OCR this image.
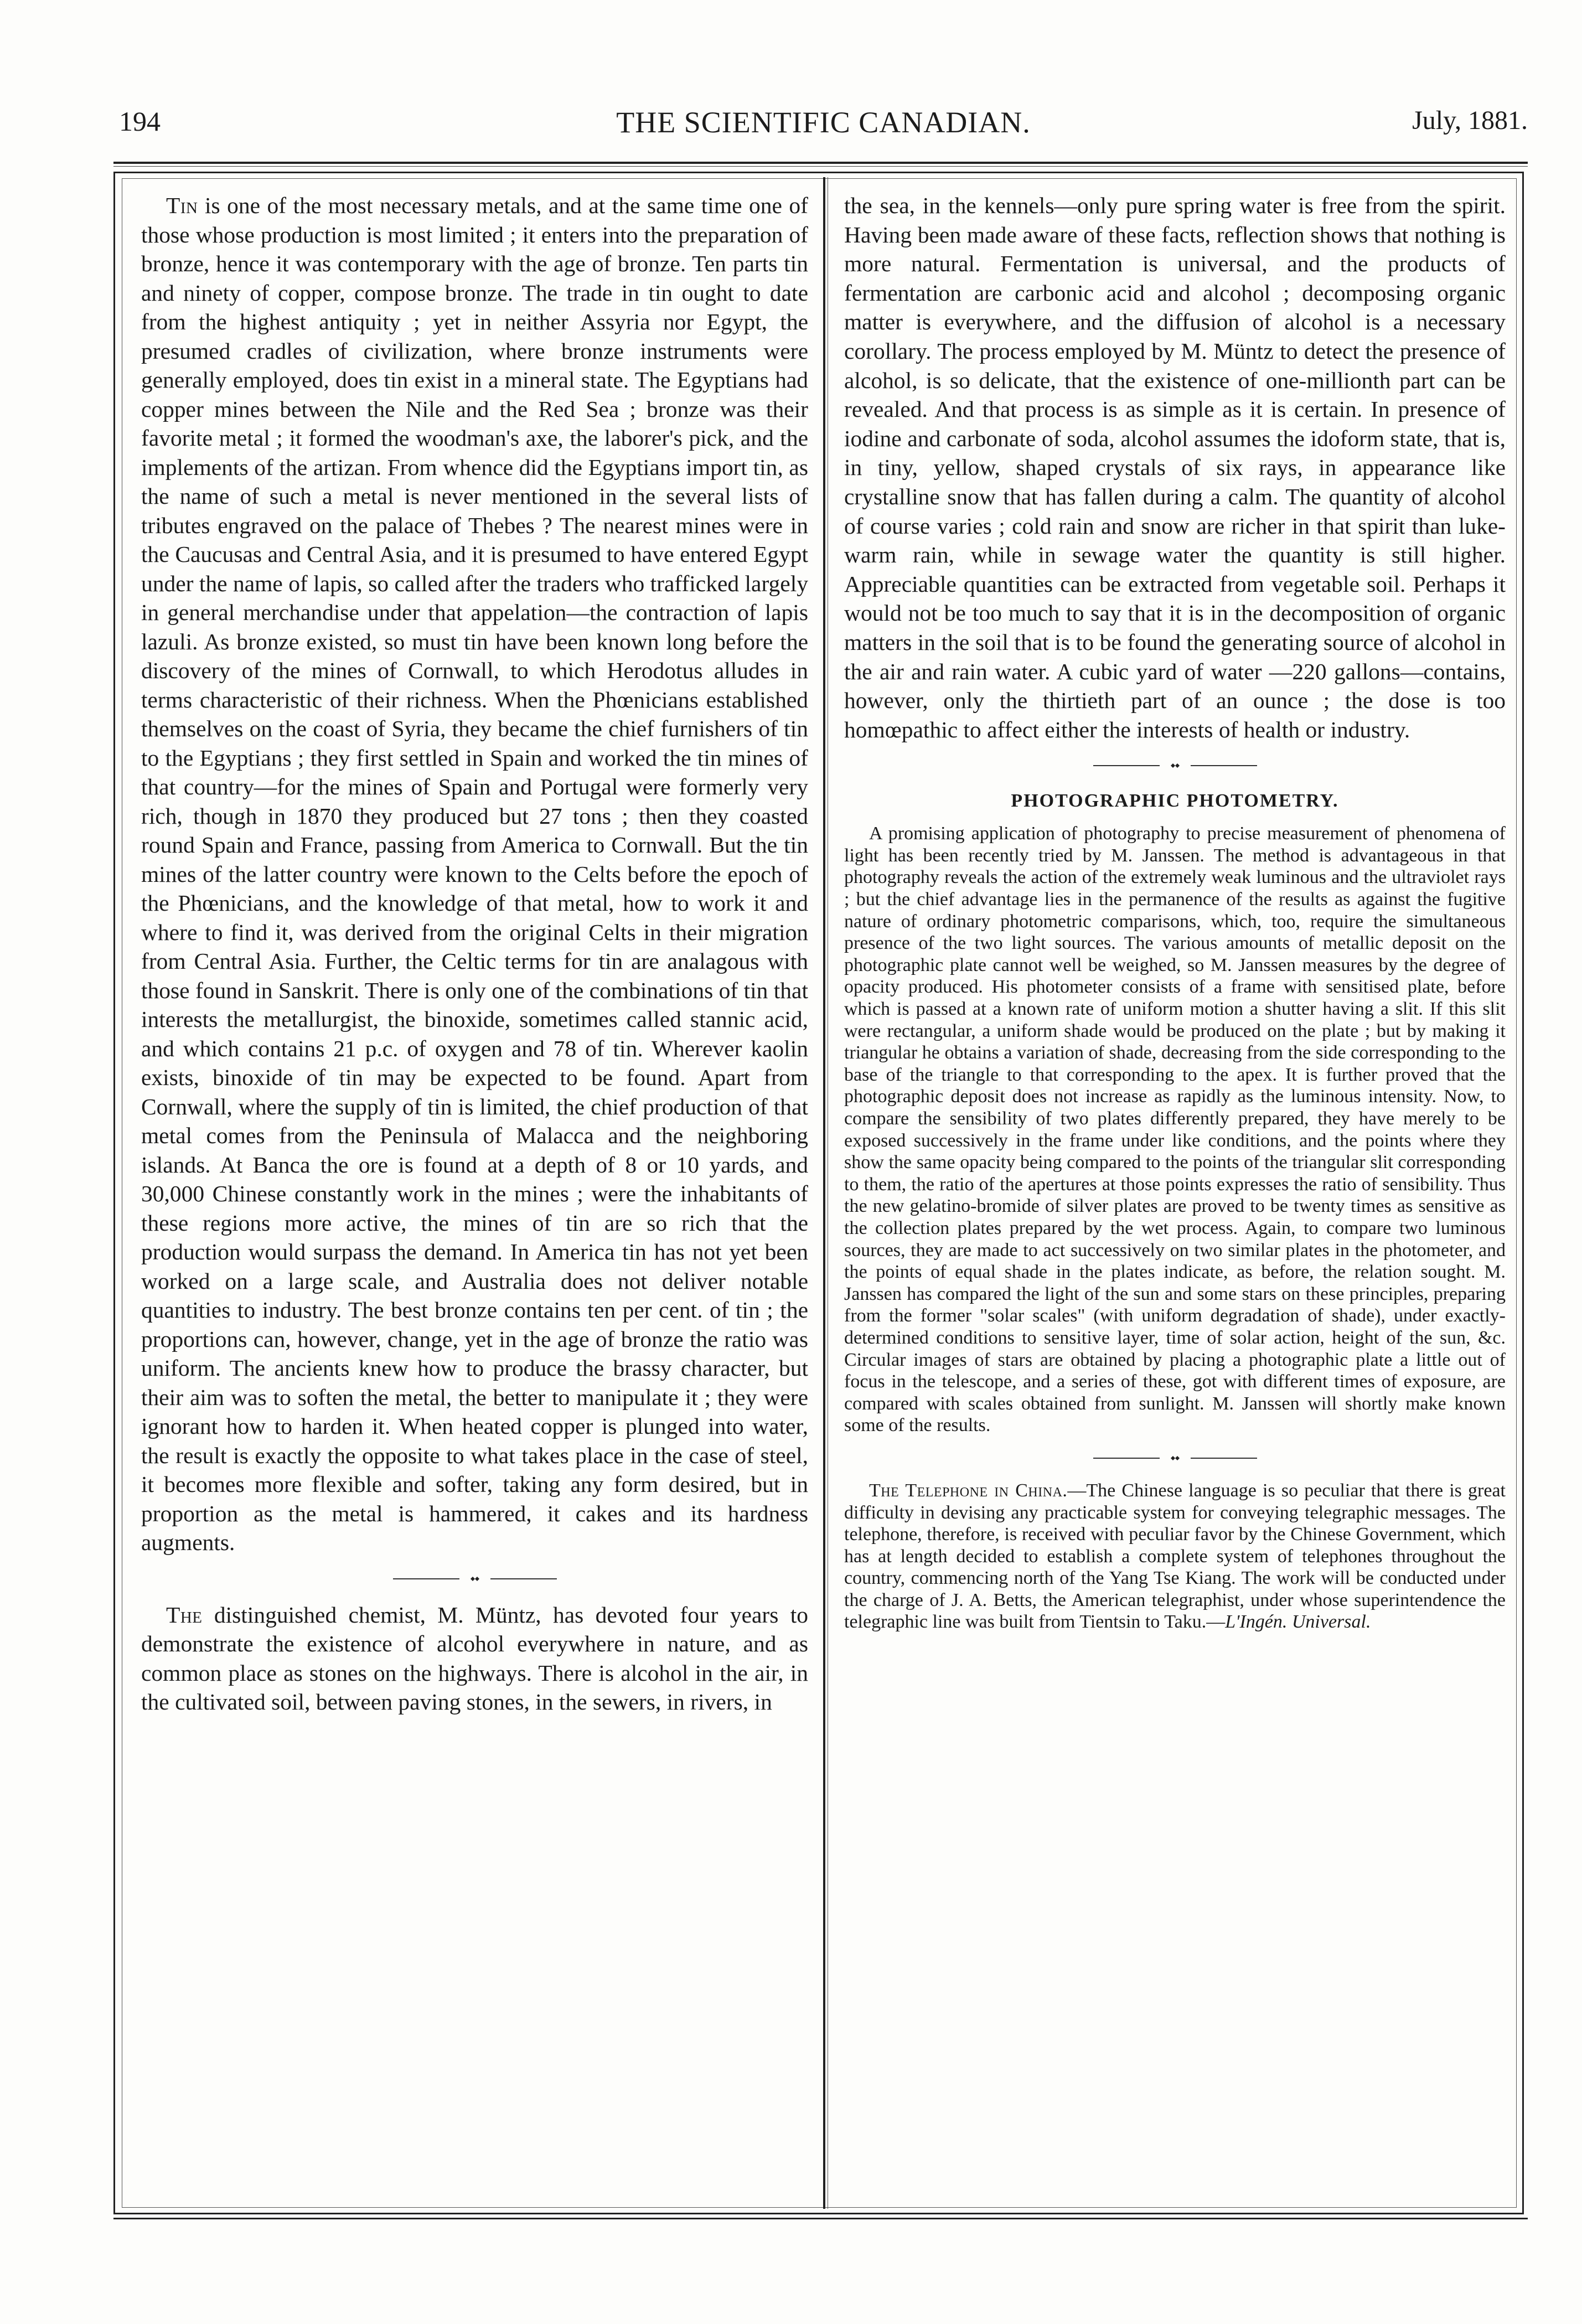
194	THE SCIENTIFIC CANADIAN.	July, 1881.

Tin is one of the most necessary metals, and at the same time one of those whose production is most limited ; it enters into the preparation of bronze, hence it was contemporary with the age of bronze. Ten parts tin and ninety of copper, compose bronze. The trade in tin ought to date from the highest antiquity ; yet in neither Assyria nor Egypt, the presumed cradles of civilization, where bronze instruments were generally employed, does tin exist in a mineral state. The Egyptians had copper mines between the Nile and the Red Sea ; bronze was their favorite metal ; it formed the woodman's axe, the laborer's pick, and the implements of the artizan. From whence did the Egyptians import tin, as the name of such a metal is never mentioned in the several lists of tributes engraved on the palace of Thebes ? The nearest mines were in the Caucusas and Central Asia, and it is presumed to have entered Egypt under the name of lapis, so called after the traders who trafficked largely in general merchandise under that appelation—the contraction of lapis lazuli. As bronze existed, so must tin have been known long before the discovery of the mines of Cornwall, to which Herodotus alludes in terms characteristic of their richness. When the Phœnicians established themselves on the coast of Syria, they became the chief furnishers of tin to the Egyptians ; they first settled in Spain and worked the tin mines of that country—for the mines of Spain and Portugal were formerly very rich, though in 1870 they produced but 27 tons ; then they coasted round Spain and France, passing from America to Cornwall. But the tin mines of the latter country were known to the Celts before the epoch of the Phœnicians, and the knowledge of that metal, how to work it and where to find it, was derived from the original Celts in their migration from Central Asia. Further, the Celtic terms for tin are analagous with those found in Sanskrit. There is only one of the combinations of tin that interests the metallurgist, the binoxide, sometimes called stannic acid, and which contains 21 p.c. of oxygen and 78 of tin. Wherever kaolin exists, binoxide of tin may be expected to be found. Apart from Cornwall, where the supply of tin is limited, the chief production of that metal comes from the Peninsula of Malacca and the neighboring islands. At Banca the ore is found at a depth of 8 or 10 yards, and 30,000 Chinese constantly work in the mines ; were the inhabitants of these regions more active, the mines of tin are so rich that the production would surpass the demand. In America tin has not yet been worked on a large scale, and Australia does not deliver notable quantities to industry. The best bronze contains ten per cent. of tin ; the proportions can, however, change, yet in the age of bronze the ratio was uniform. The ancients knew how to produce the brassy character, but their aim was to soften the metal, the better to manipulate it ; they were ignorant how to harden it. When heated copper is plunged into water, the result is exactly the opposite to what takes place in the case of steel, it becomes more flexible and softer, taking any form desired, but in proportion as the metal is hammered, it cakes and its hardness augments.

The distinguished chemist, M. Müntz, has devoted four years to demonstrate the existence of alcohol everywhere in nature, and as common place as stones on the highways. There is alcohol in the air, in the cultivated soil, between paving stones, in the sewers, in rivers, in

the sea, in the kennels—only pure spring water is free from the spirit. Having been made aware of these facts, reflection shows that nothing is more natural. Fermentation is universal, and the products of fermentation are carbonic acid and alcohol ; decomposing organic matter is everywhere, and the diffusion of alcohol is a necessary corollary. The process employed by M. Müntz to detect the presence of alcohol, is so delicate, that the existence of one-millionth part can be revealed. And that process is as simple as it is certain. In presence of iodine and carbonate of soda, alcohol assumes the idoform state, that is, in tiny, yellow, shaped crystals of six rays, in appearance like crystalline snow that has fallen during a calm. The quantity of alcohol of course varies ; cold rain and snow are richer in that spirit than luke-warm rain, while in sewage water the quantity is still higher. Appreciable quantities can be extracted from vegetable soil. Perhaps it would not be too much to say that it is in the decomposition of organic matters in the soil that is to be found the generating source of alcohol in the air and rain water. A cubic yard of water —220 gallons—contains, however, only the thirtieth part of an ounce ; the dose is too homœpathic to affect either the interests of health or industry.

PHOTOGRAPHIC PHOTOMETRY.

A promising application of photography to precise measurement of phenomena of light has been recently tried by M. Janssen. The method is advantageous in that photography reveals the action of the extremely weak luminous and the ultraviolet rays ; but the chief advantage lies in the permanence of the results as against the fugitive nature of ordinary photometric comparisons, which, too, require the simultaneous presence of the two light sources. The various amounts of metallic deposit on the photographic plate cannot well be weighed, so M. Janssen measures by the degree of opacity produced. His photometer consists of a frame with sensitised plate, before which is passed at a known rate of uniform motion a shutter having a slit. If this slit were rectangular, a uniform shade would be produced on the plate ; but by making it triangular he obtains a variation of shade, decreasing from the side corresponding to the base of the triangle to that corresponding to the apex. It is further proved that the photographic deposit does not increase as rapidly as the luminous intensity. Now, to compare the sensibility of two plates differently prepared, they have merely to be exposed successively in the frame under like conditions, and the points where they show the same opacity being compared to the points of the triangular slit corresponding to them, the ratio of the apertures at those points expresses the ratio of sensibility. Thus the new gelatino-bromide of silver plates are proved to be twenty times as sensitive as the collection plates prepared by the wet process. Again, to compare two luminous sources, they are made to act successively on two similar plates in the photometer, and the points of equal shade in the plates indicate, as before, the relation sought. M. Janssen has compared the light of the sun and some stars on these principles, preparing from the former "solar scales" (with uniform degradation of shade), under exactly-determined conditions to sensitive layer, time of solar action, height of the sun, &c. Circular images of stars are obtained by placing a photographic plate a little out of focus in the telescope, and a series of these, got with different times of exposure, are compared with scales obtained from sunlight. M. Janssen will shortly make known some of the results.

The Telephone in China.—The Chinese language is so peculiar that there is great difficulty in devising any practicable system for conveying telegraphic messages. The telephone, therefore, is received with peculiar favor by the Chinese Government, which has at length decided to establish a complete system of telephones throughout the country, commencing north of the Yang Tse Kiang. The work will be conducted under the charge of J. A. Betts, the American telegraphist, under whose superintendence the telegraphic line was built from Tientsin to Taku.—L'Ingén. Universal.
